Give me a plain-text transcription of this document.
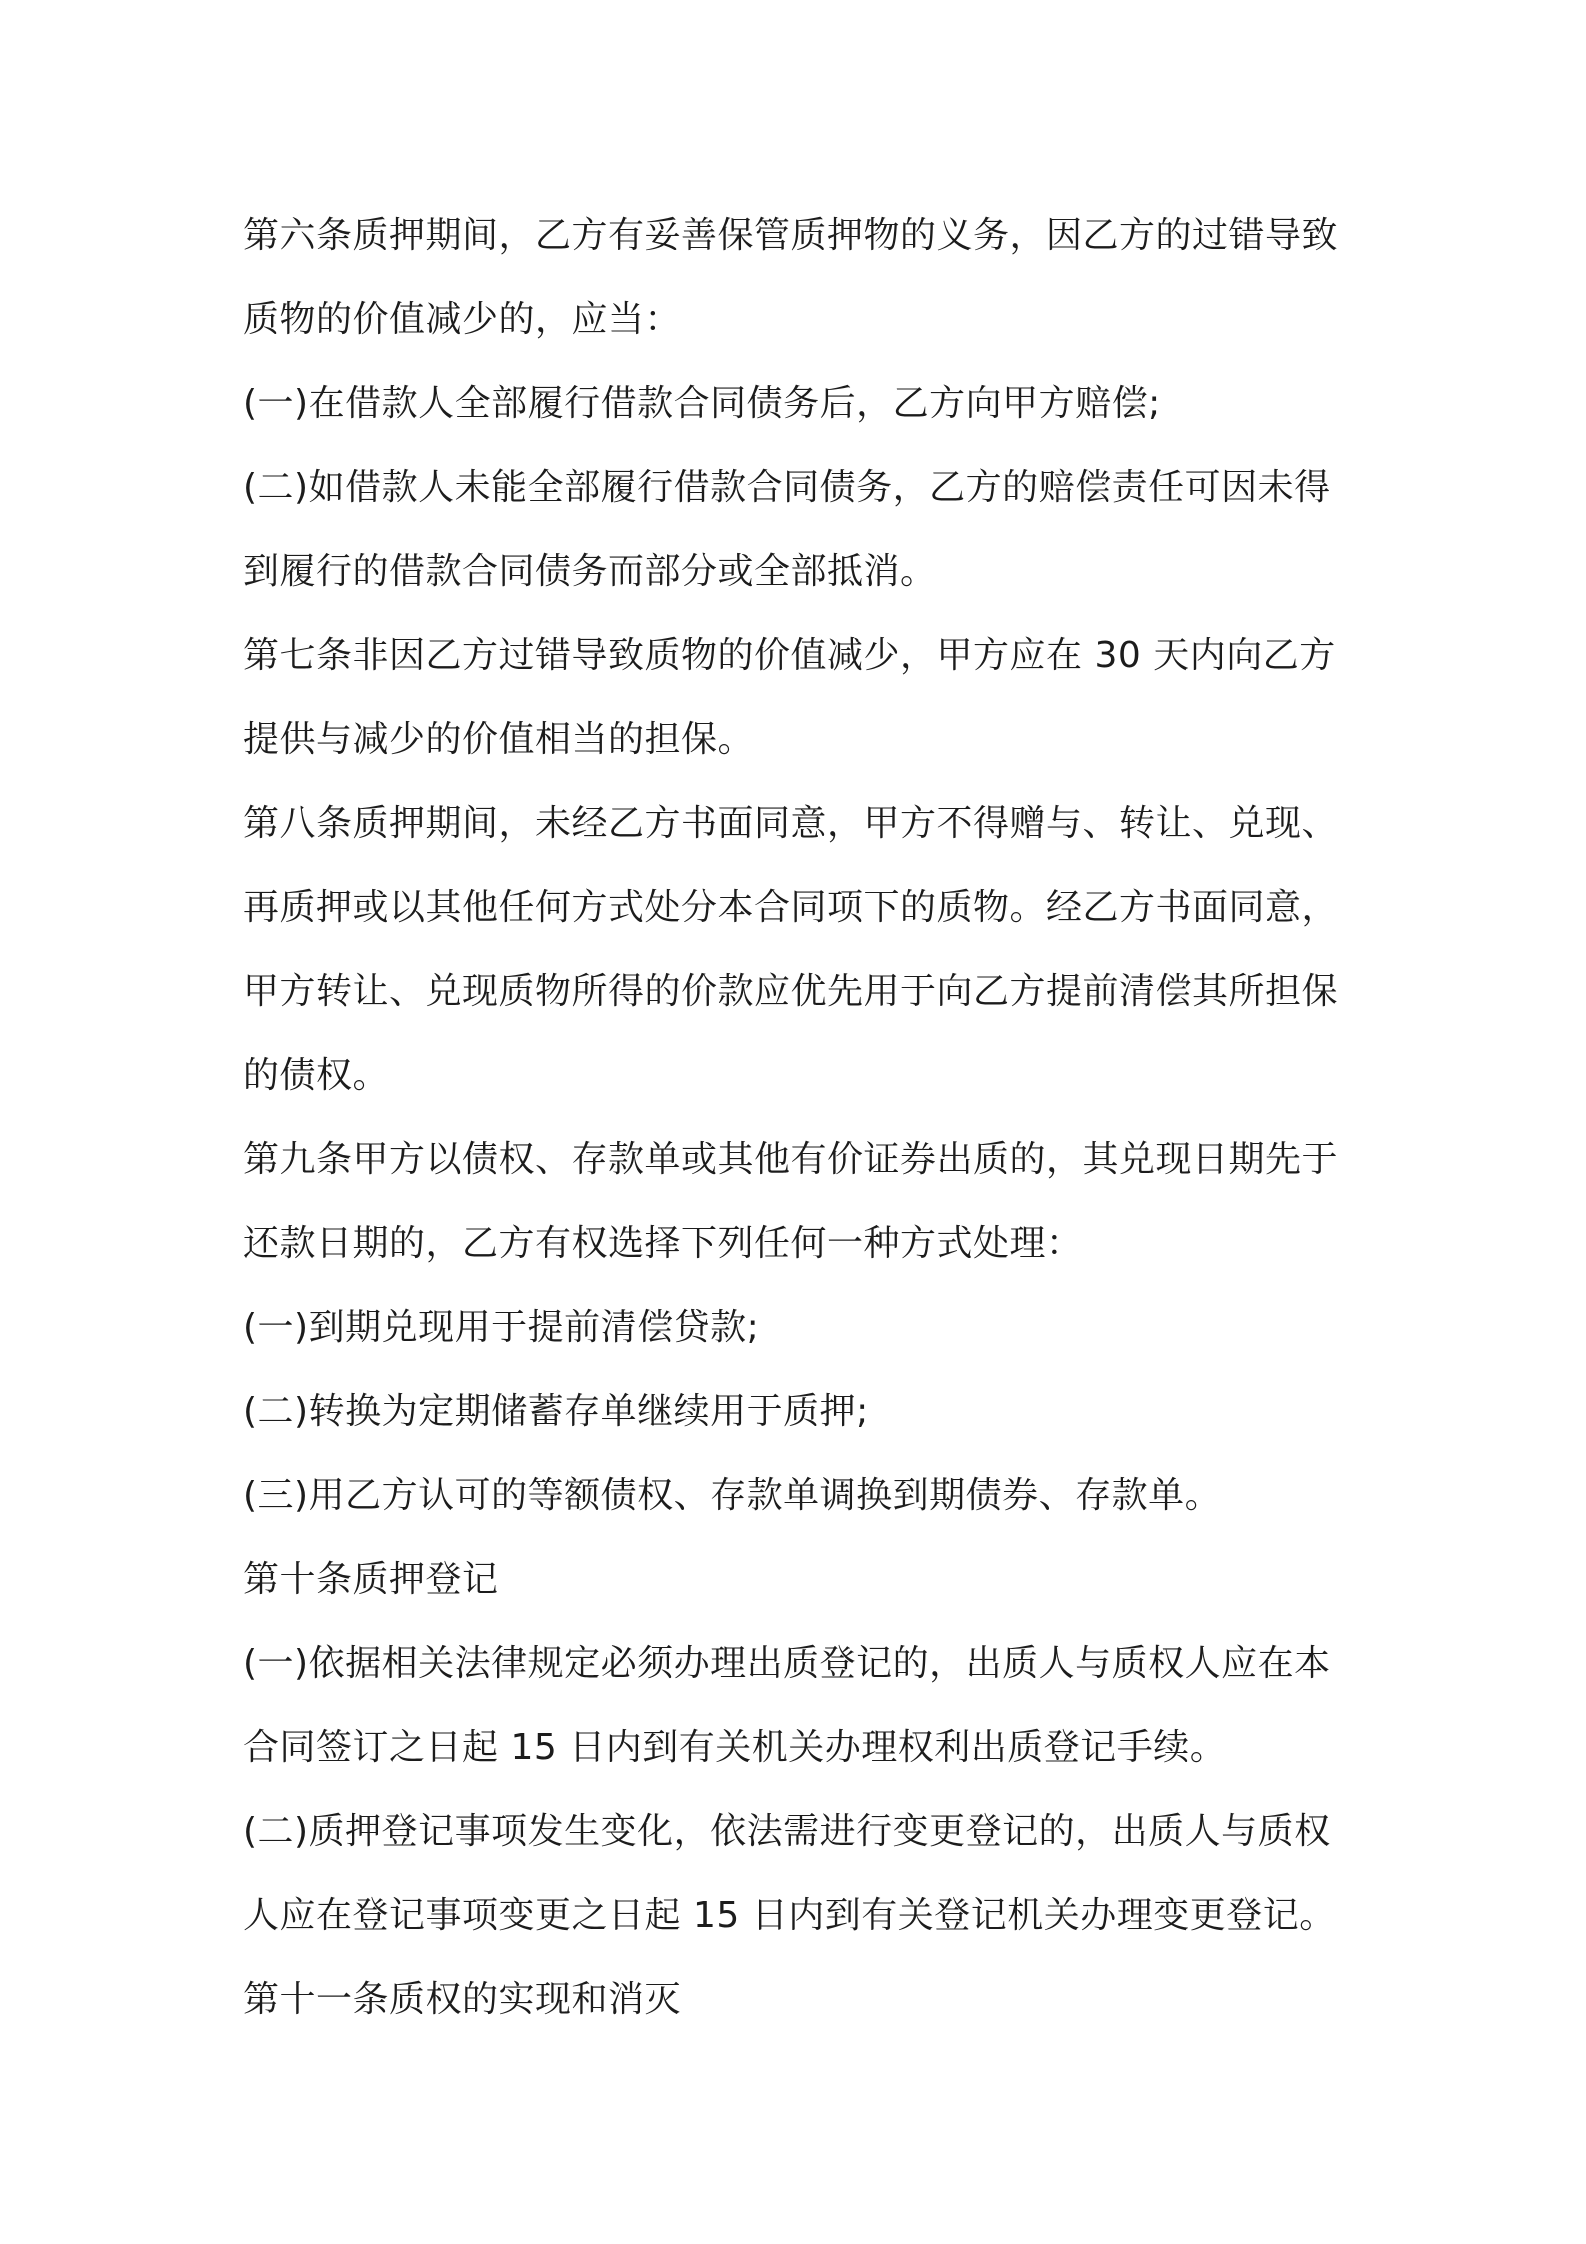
第六条质押期间，乙方有妥善保管质押物的义务，因乙方的过错导致质物的价值减少的，应当：

(一)在借款人全部履行借款合同债务后，乙方向甲方赔偿;

(二)如借款人未能全部履行借款合同债务，乙方的赔偿责任可因未得到履行的借款合同债务而部分或全部抵消。

第七条非因乙方过错导致质物的价值减少，甲方应在 30 天内向乙方提供与减少的价值相当的担保。

第八条质押期间，未经乙方书面同意，甲方不得赠与、转让、兑现、再质押或以其他任何方式处分本合同项下的质物。经乙方书面同意，甲方转让、兑现质物所得的价款应优先用于向乙方提前清偿其所担保的债权。

第九条甲方以债权、存款单或其他有价证券出质的，其兑现日期先于还款日期的，乙方有权选择下列任何一种方式处理：

(一)到期兑现用于提前清偿贷款;

(二)转换为定期储蓄存单继续用于质押;

(三)用乙方认可的等额债权、存款单调换到期债券、存款单。

第十条质押登记

(一)依据相关法律规定必须办理出质登记的，出质人与质权人应在本合同签订之日起 15 日内到有关机关办理权利出质登记手续。

(二)质押登记事项发生变化，依法需进行变更登记的，出质人与质权人应在登记事项变更之日起 15 日内到有关登记机关办理变更登记。

第十一条质权的实现和消灭
